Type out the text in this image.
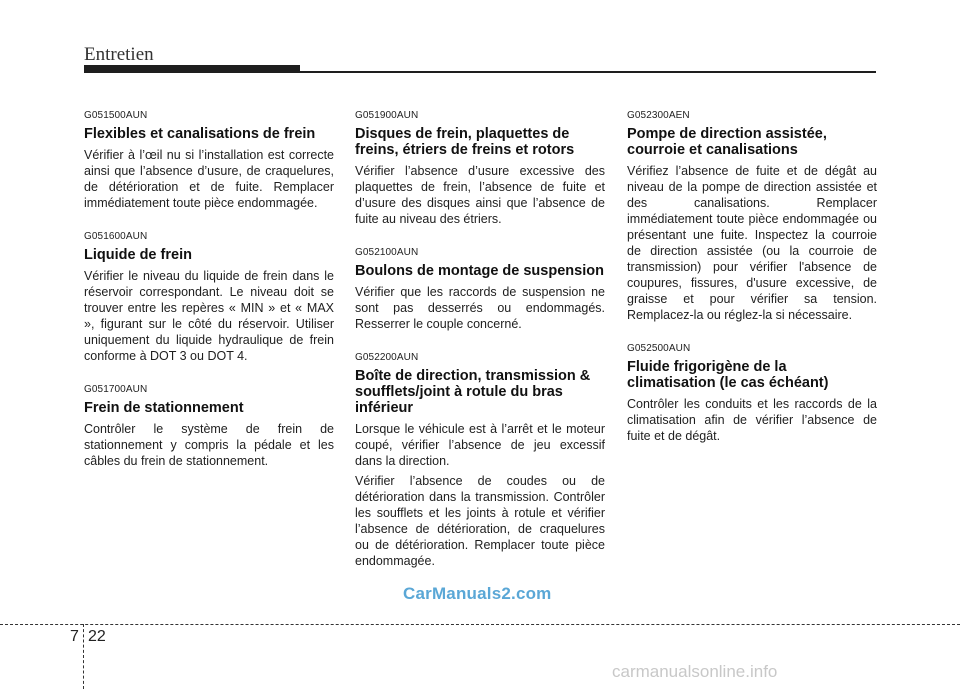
Entretien
G051500AUN
Flexibles et canalisations de frein

Vérifier à l’œil nu si l’installation est correcte ainsi que l’absence d’usure, de craquelures, de détérioration et de fuite. Remplacer immédiatement toute pièce endommagée.

G051600AUN
Liquide de frein

Vérifier le niveau du liquide de frein dans le réservoir correspondant. Le niveau doit se trouver entre les repères « MIN » et « MAX », figurant sur le côté du réservoir. Utiliser uniquement du liquide hydraulique de frein conforme à DOT 3 ou DOT 4.

G051700AUN
Frein de stationnement

Contrôler le système de frein de stationnement y compris la pédale et les câbles du frein de stationnement.

G051900AUN
Disques de frein, plaquettes de freins, étriers de freins et rotors

Vérifier l’absence d’usure excessive des plaquettes de frein, l’absence de fuite et d’usure des disques ainsi que l’absence de fuite au niveau des étriers.

G052100AUN
Boulons de montage de suspension

Vérifier que les raccords de suspension ne sont pas desserrés ou endommagés. Resserrer le couple concerné.

G052200AUN
Boîte de direction, transmission & soufflets/joint à rotule du bras inférieur

Lorsque le véhicule est à l’arrêt et le moteur coupé, vérifier l’absence de jeu excessif dans la direction.

Vérifier l’absence de coudes ou de détérioration dans la transmission. Contrôler les soufflets et les joints à rotule et vérifier l’absence de détérioration, de craquelures ou de détérioration. Remplacer toute pièce endommagée.

G052300AEN
Pompe de direction assistée, courroie et canalisations

Vérifiez l’absence de fuite et de dégât au niveau de la pompe de direction assistée et des canalisations. Remplacer immédiatement toute pièce endommagée ou présentant une fuite. Inspectez la courroie de direction assistée (ou la courroie de transmission) pour vérifier l'absence de coupures, fissures, d'usure excessive, de graisse et pour vérifier sa tension. Remplacez-la ou réglez-la si nécessaire.

G052500AUN
Fluide frigorigène de la climatisation (le cas échéant)

Contrôler les conduits et les raccords de la climatisation afin de vérifier l’absence de fuite et de dégât.

CarManuals2.com
7 22
carmanualsonline.info
